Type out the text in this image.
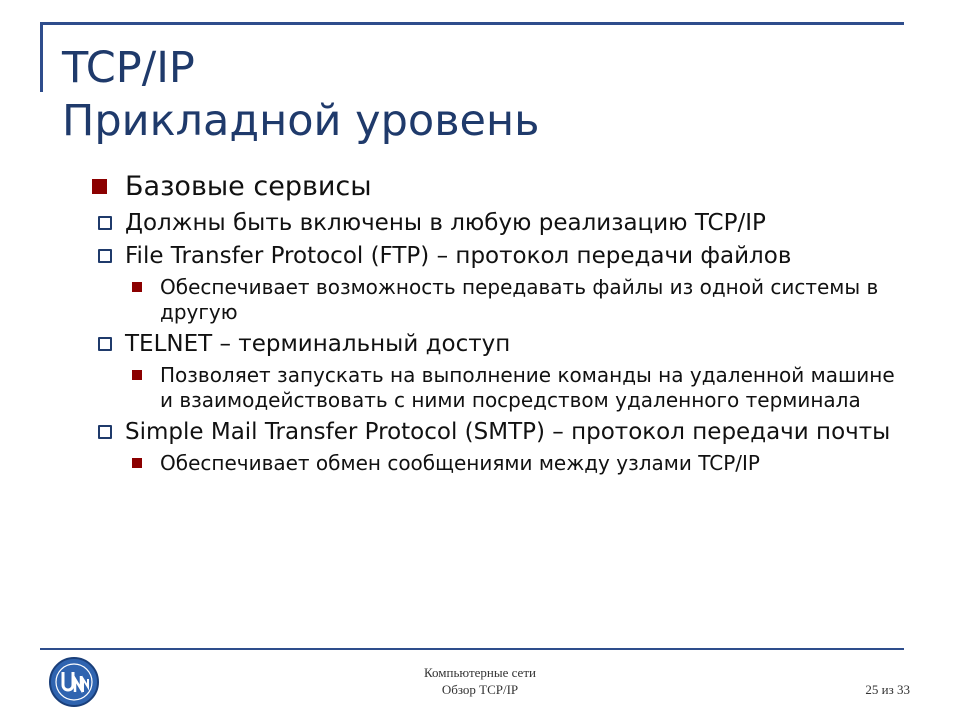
TCP/IP
Прикладной уровень
Базовые сервисы
Должны быть включены в любую реализацию TCP/IP
File Transfer Protocol (FTP) – протокол передачи файлов
Обеспечивает возможность передавать файлы из одной системы в другую
TELNET – терминальный доступ
Позволяет запускать на выполнение команды на удаленной машине и взаимодействовать с ними посредством удаленного терминала
Simple Mail Transfer Protocol (SMTP) – протокол передачи почты
Обеспечивает обмен сообщениями между узлами TCP/IP
Компьютерные сети
Обзор TCP/IP	25 из 33
